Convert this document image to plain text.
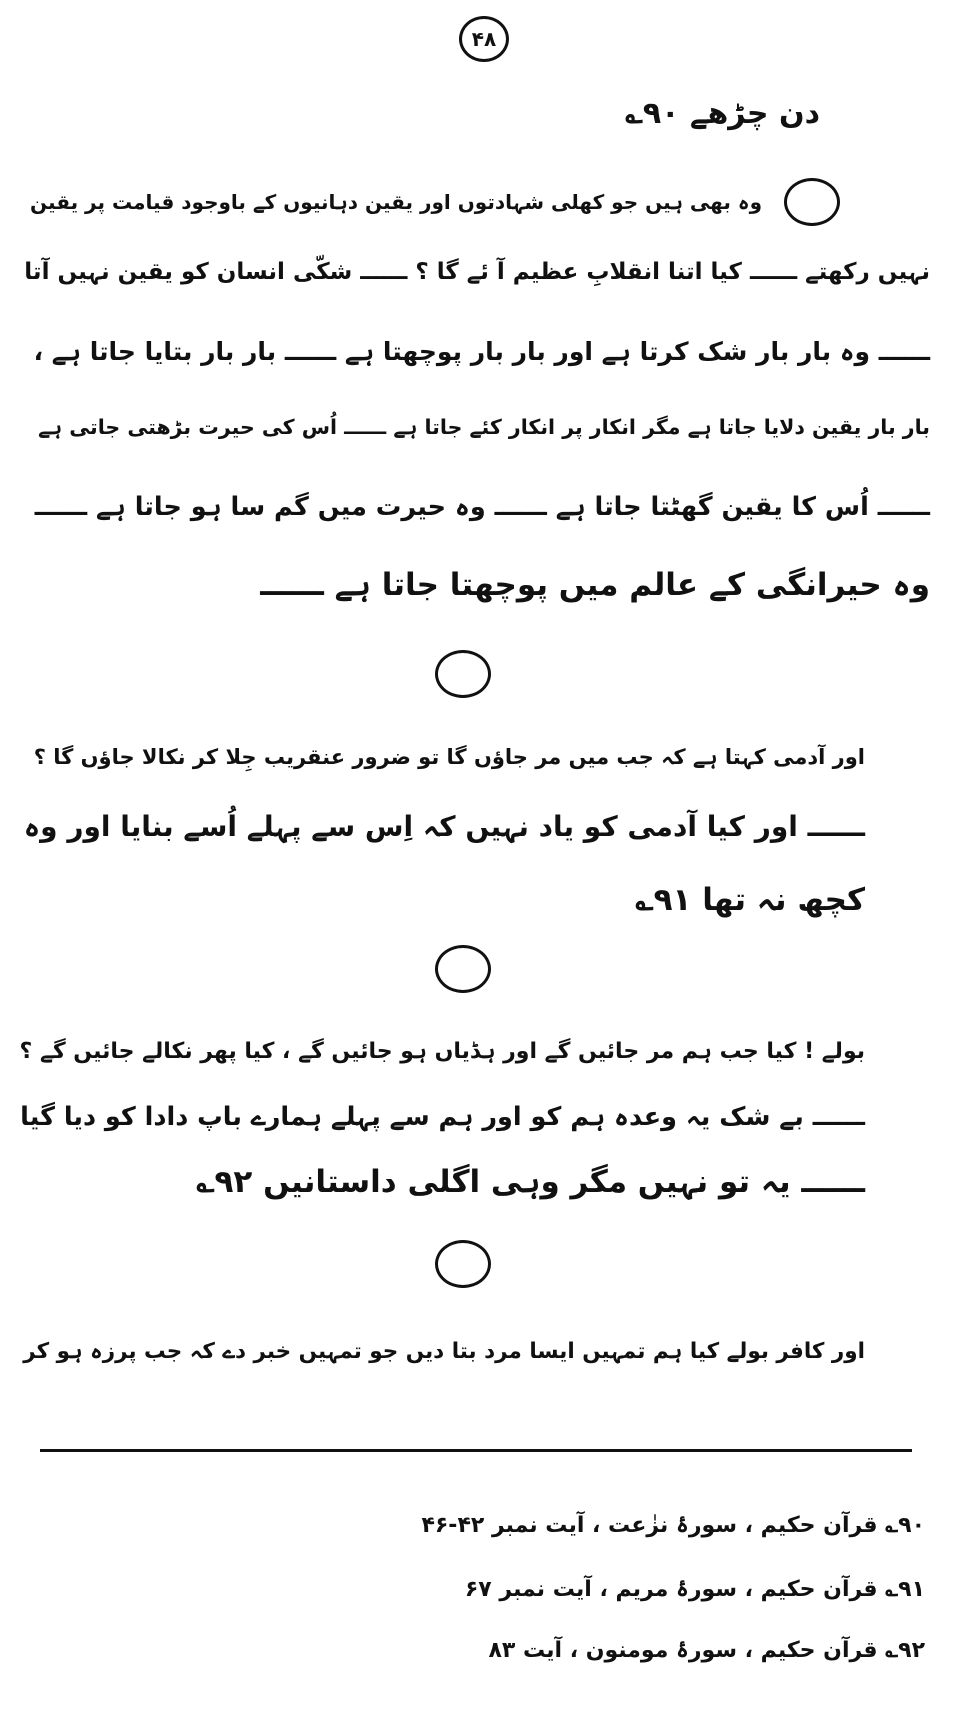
۴۸
دن چڑھے ۹۰؎
وہ بھی ہیں جو کھلی شہادتوں اور یقین دہانیوں کے باوجود قیامت پر یقین
نہیں رکھتے ــــــ کیا اتنا انقلابِ عظیم آ ئے گا ؟ ــــــ شکّی انسان کو یقین نہیں آتا
ــــــ وہ بار بار شک کرتا ہے اور بار بار پوچھتا ہے ــــــ بار بار بتایا جاتا ہے ،
بار بار یقین دلایا جاتا ہے مگر انکار پر انکار کئے جاتا ہے ــــــ اُس کی حیرت بڑھتی جاتی ہے
ــــــ اُس کا یقین گھٹتا جاتا ہے ــــــ وہ حیرت میں گم سا ہو جاتا ہے ــــــ
وہ حیرانگی کے عالم میں پوچھتا جاتا ہے ــــــ
اور آدمی کہتا ہے کہ جب میں مر جاؤں گا تو ضرور عنقریب جِلا کر نکالا جاؤں گا ؟
ــــــ اور کیا آدمی کو یاد نہیں کہ اِس سے پہلے اُسے بنایا اور وہ
کچھ نہ تھا ۹۱؎
بولے ! کیا جب ہم مر جائیں گے اور ہڈیاں ہو جائیں گے ، کیا پھر نکالے جائیں گے ؟
ــــــ بے شک یہ وعدہ ہم کو اور ہم سے پہلے ہمارے باپ دادا کو دیا گیا
ــــــ یہ تو نہیں مگر وہی اگلی داستانیں ۹۲؎
اور کافر بولے کیا ہم تمہیں ایسا مرد بتا دیں جو تمہیں خبر دے کہ جب پرزہ ہو کر
۹۰؎ قرآن حکیم ، سورۂ نزٰعت ، آیت نمبر ۴۲-۴۶
۹۱؎ قرآن حکیم ، سورۂ مریم ، آیت نمبر ۶۷
۹۲؎ قرآن حکیم ، سورۂ مومنون ، آیت ۸۳
